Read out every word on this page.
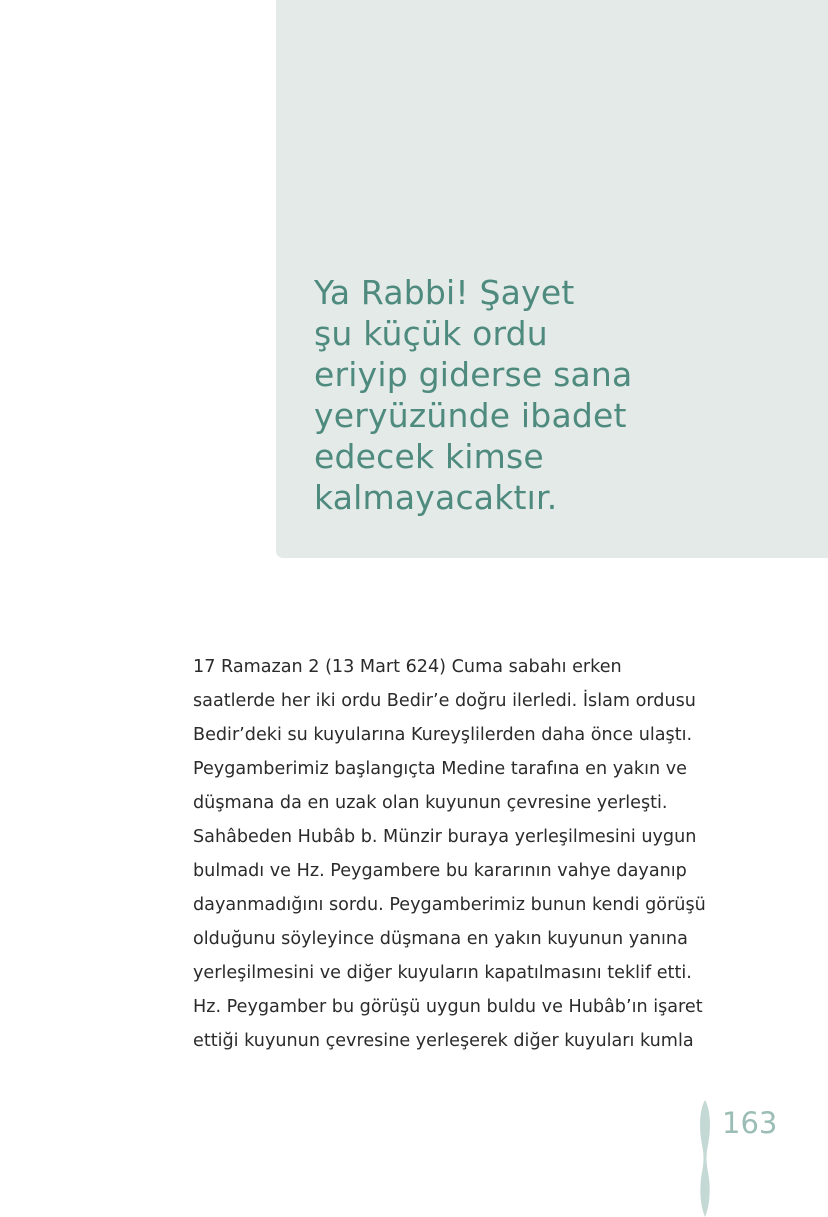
Ya Rabbi! Şayet
şu küçük ordu
eriyip giderse sana
yeryüzünde ibadet
edecek kimse
kalmayacaktır.

17 Ramazan 2 (13 Mart 624) Cuma sabahı erken
saatlerde her iki ordu Bedir’e doğru ilerledi. İslam ordusu
Bedir’deki su kuyularına Kureyşlilerden daha önce ulaştı.
Peygamberimiz başlangıçta Medine tarafına en yakın ve
düşmana da en uzak olan kuyunun çevresine yerleşti.
Sahâbeden Hubâb b. Münzir buraya yerleşilmesini uygun
bulmadı ve Hz. Peygambere bu kararının vahye dayanıp
dayanmadığını sordu. Peygamberimiz bunun kendi görüşü
olduğunu söyleyince düşmana en yakın kuyunun yanına
yerleşilmesini ve diğer kuyuların kapatılmasını teklif etti.
Hz. Peygamber bu görüşü uygun buldu ve Hubâb’ın işaret
ettiği kuyunun çevresine yerleşerek diğer kuyuları kumla

163
